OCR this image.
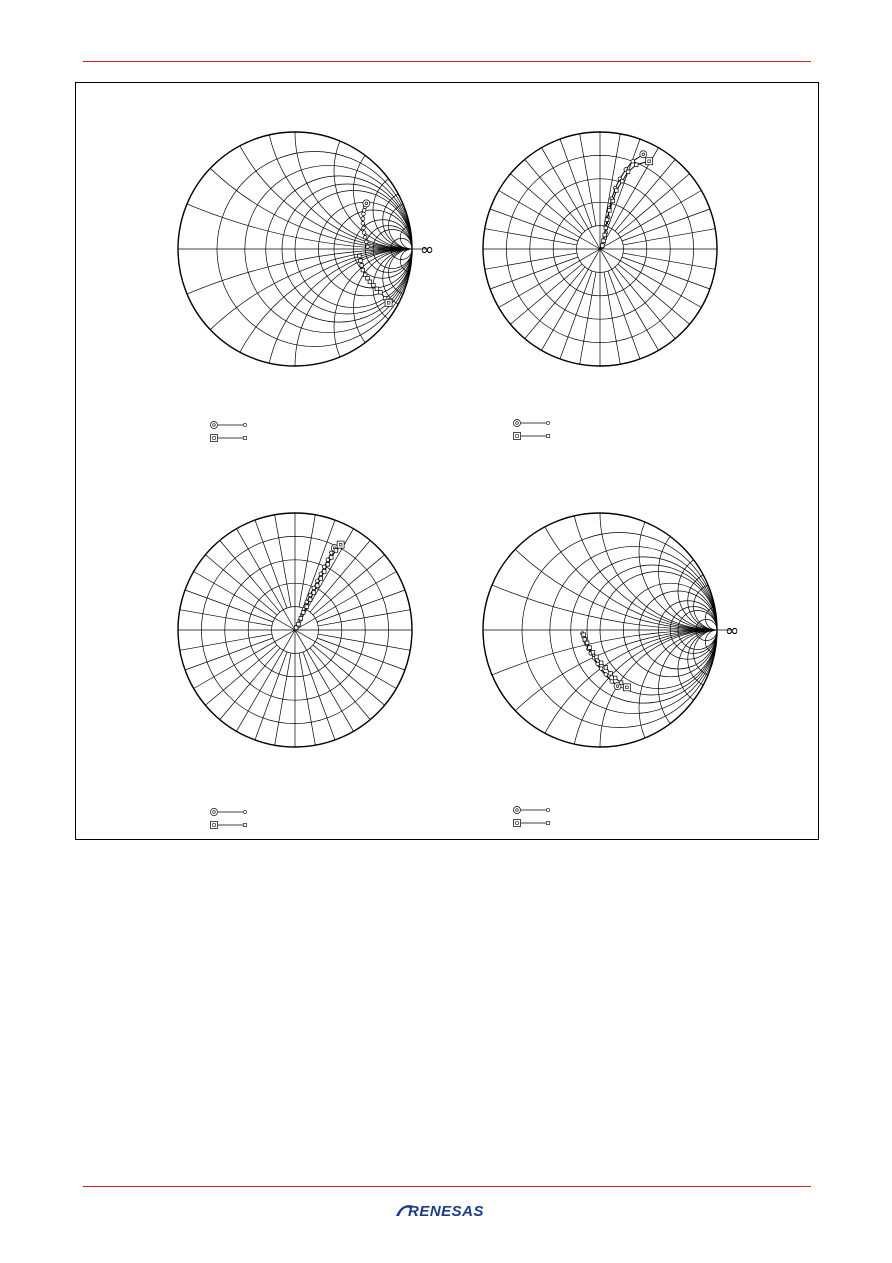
∞
∞
RENESAS
